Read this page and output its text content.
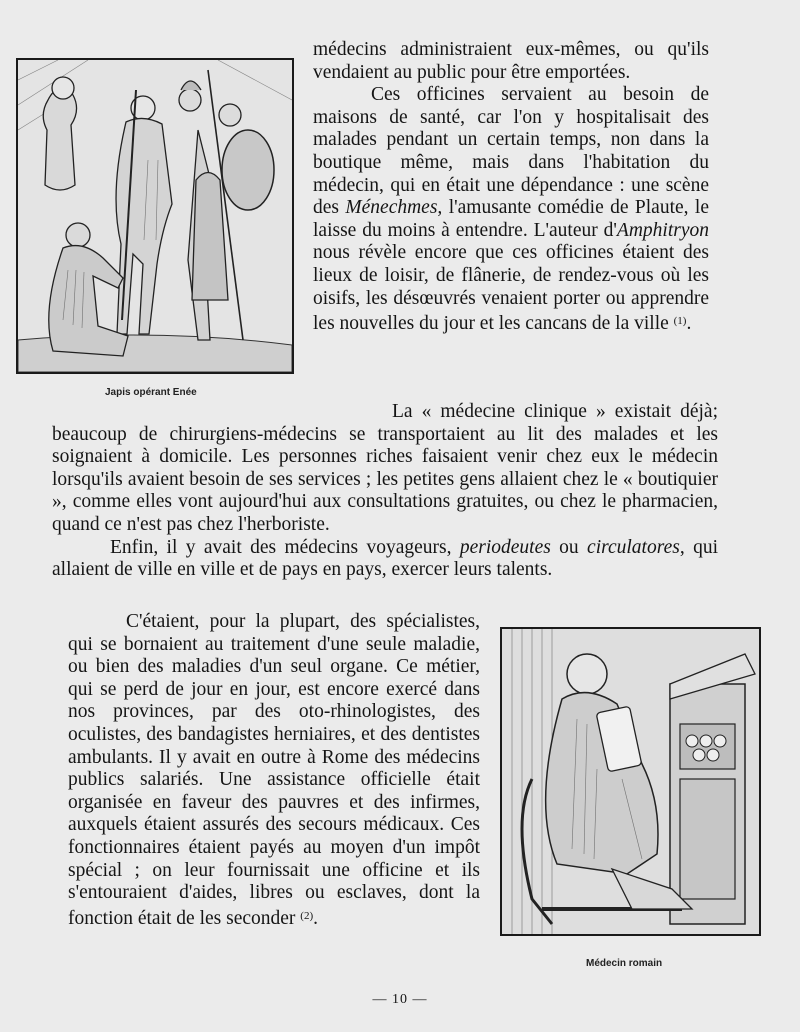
Japis opérant Enée

médecins administraient eux-mêmes, ou qu'ils vendaient au public pour être emportées.

Ces officines servaient au besoin de maisons de santé, car l'on y hospitalisait des malades pendant un certain temps, non dans la boutique même, mais dans l'habitation du médecin, qui en était une dépendance : une scène des Ménechmes, l'amusante comédie de Plaute, le laisse du moins à entendre. L'auteur d'Amphitryon nous révèle encore que ces officines étaient des lieux de loisir, de flânerie, de rendez-vous où les oisifs, les désœuvrés venaient porter ou apprendre les nouvelles du jour et les cancans de la ville $^{(1)}$.

La « médecine clinique » existait déjà; beaucoup de chirurgiens-médecins se transportaient au lit des malades et les soignaient à domicile. Les personnes riches faisaient venir chez eux le médecin lorsqu'ils avaient besoin de ses services ; les petites gens allaient chez le « boutiquier », comme elles vont aujourd'hui aux consultations gratuites, ou chez le pharmacien, quand ce n'est pas chez l'herboriste.

Enfin, il y avait des médecins voyageurs, periodeutes ou circulatores, qui allaient de ville en ville et de pays en pays, exercer leurs talents.

C'étaient, pour la plupart, des spécialistes, qui se bornaient au traitement d'une seule maladie, ou bien des maladies d'un seul organe. Ce métier, qui se perd de jour en jour, est encore exercé dans nos provinces, par des oto-rhinologistes, des oculistes, des bandagistes herniaires, et des dentistes ambulants. Il y avait en outre à Rome des médecins publics salariés. Une assistance officielle était organisée en faveur des pauvres et des infirmes, auxquels étaient assurés des secours médicaux. Ces fonctionnaires étaient payés au moyen d'un impôt spécial ; on leur fournissait une officine et ils s'entouraient d'aides, libres ou esclaves, dont la fonction était de les seconder $^{(2)}$.

Médecin romain
— 10 —
